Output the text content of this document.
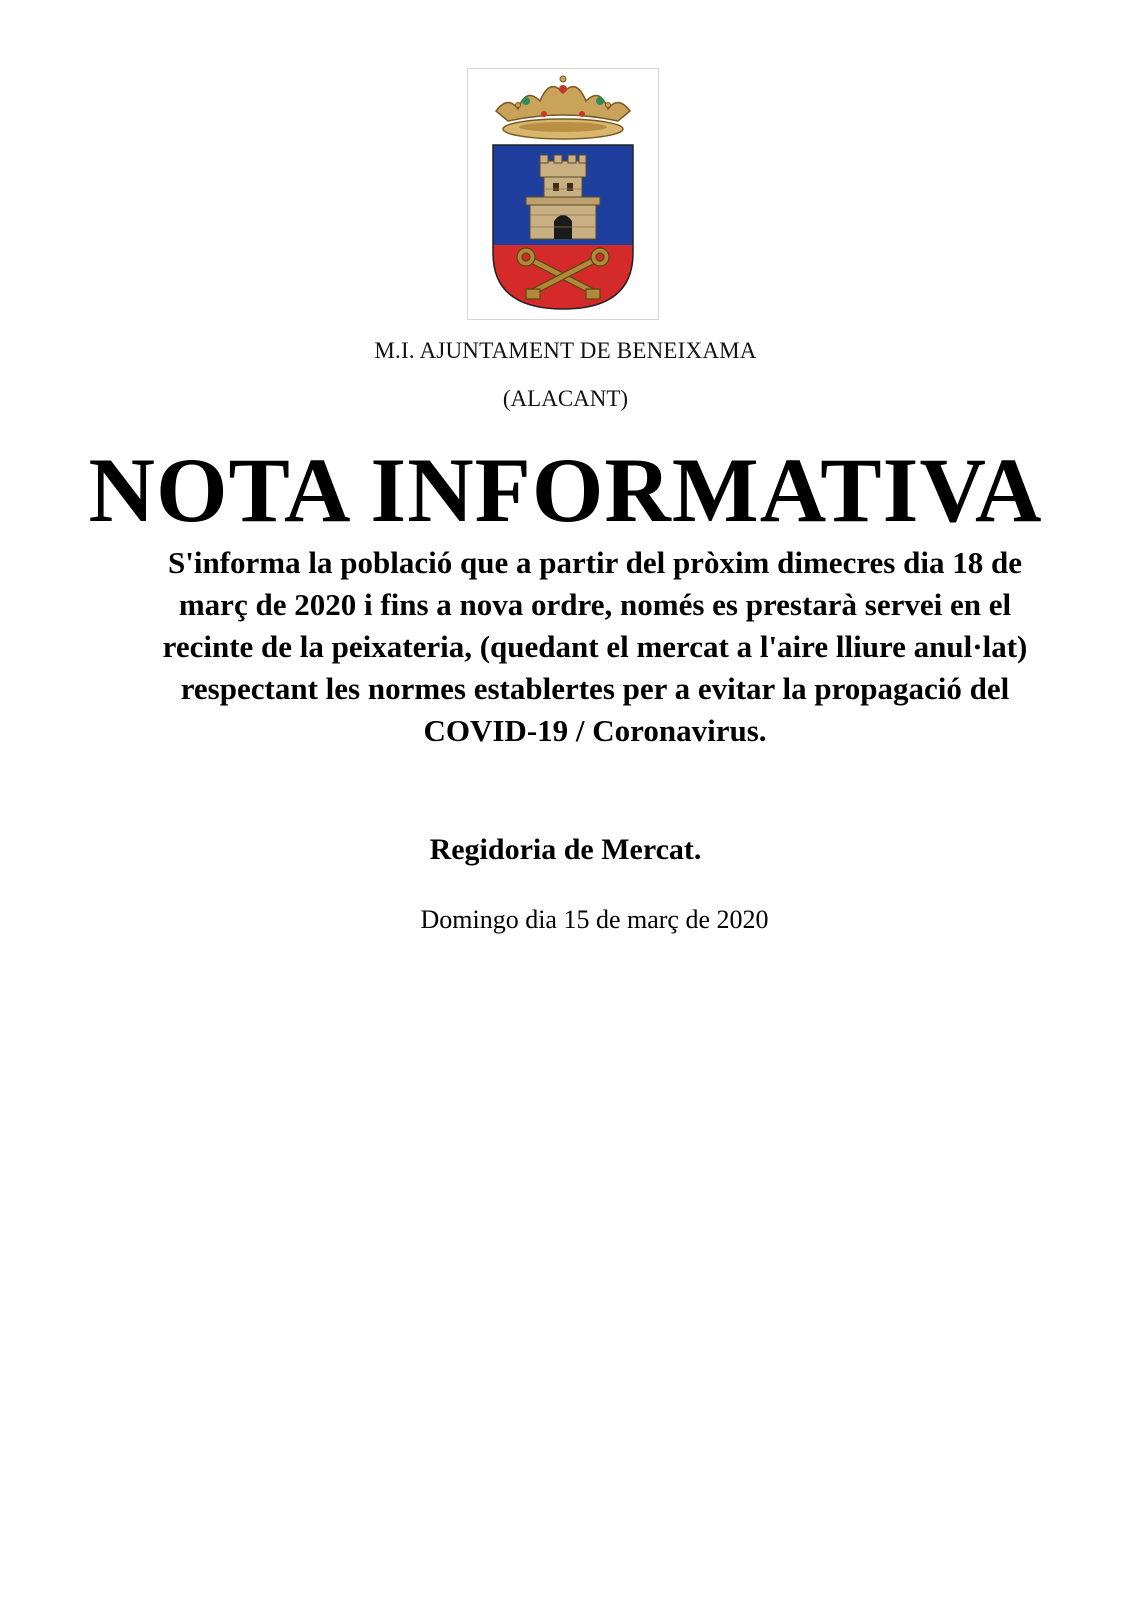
M.I. AJUNTAMENT DE BENEIXAMA
(ALACANT)
NOTA INFORMATIVA
S'informa la població que a partir del pròxim dimecres dia 18 de març de 2020 i fins a nova ordre, només es prestarà servei en el recinte de la peixateria, (quedant el mercat a l'aire lliure anul·lat) respectant les normes establertes per a evitar la propagació del COVID-19 / Coronavirus.
Regidoria de Mercat.
Domingo dia 15 de març de 2020
